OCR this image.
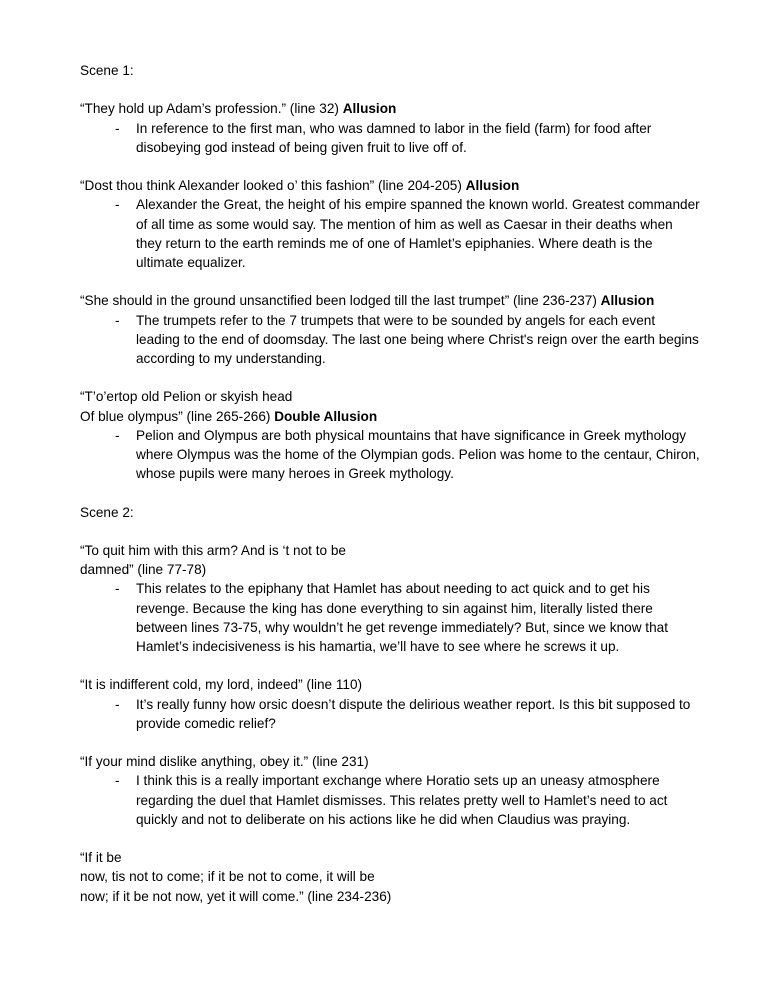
Scene 1:
“They hold up Adam’s profession.” (line 32) Allusion
- In reference to the first man, who was damned to labor in the field (farm) for food after disobeying god instead of being given fruit to live off of.
“Dost thou think Alexander looked o’ this fashion” (line 204-205) Allusion
- Alexander the Great, the height of his empire spanned the known world. Greatest commander of all time as some would say. The mention of him as well as Caesar in their deaths when they return to the earth reminds me of one of Hamlet’s epiphanies. Where death is the ultimate equalizer.
“She should in the ground unsanctified been lodged till the last trumpet” (line 236-237) Allusion
- The trumpets refer to the 7 trumpets that were to be sounded by angels for each event leading to the end of doomsday. The last one being where Christ's reign over the earth begins according to my understanding.
“T’o’ertop old Pelion or skyish head
Of blue olympus” (line 265-266) Double Allusion
- Pelion and Olympus are both physical mountains that have significance in Greek mythology where Olympus was the home of the Olympian gods. Pelion was home to the centaur, Chiron, whose pupils were many heroes in Greek mythology.
Scene 2:
“To quit him with this arm? And is ‘t not to be
damned” (line 77-78)
- This relates to the epiphany that Hamlet has about needing to act quick and to get his revenge. Because the king has done everything to sin against him, literally listed there between lines 73-75, why wouldn’t he get revenge immediately? But, since we know that Hamlet’s indecisiveness is his hamartia, we’ll have to see where he screws it up.
“It is indifferent cold, my lord, indeed” (line 110)
- It’s really funny how orsic doesn’t dispute the delirious weather report. Is this bit supposed to provide comedic relief?
“If your mind dislike anything, obey it.” (line 231)
- I think this is a really important exchange where Horatio sets up an uneasy atmosphere regarding the duel that Hamlet dismisses. This relates pretty well to Hamlet’s need to act quickly and not to deliberate on his actions like he did when Claudius was praying.
“If it be
now, tis not to come; if it be not to come, it will be
now; if it be not now, yet it will come.” (line 234-236)
